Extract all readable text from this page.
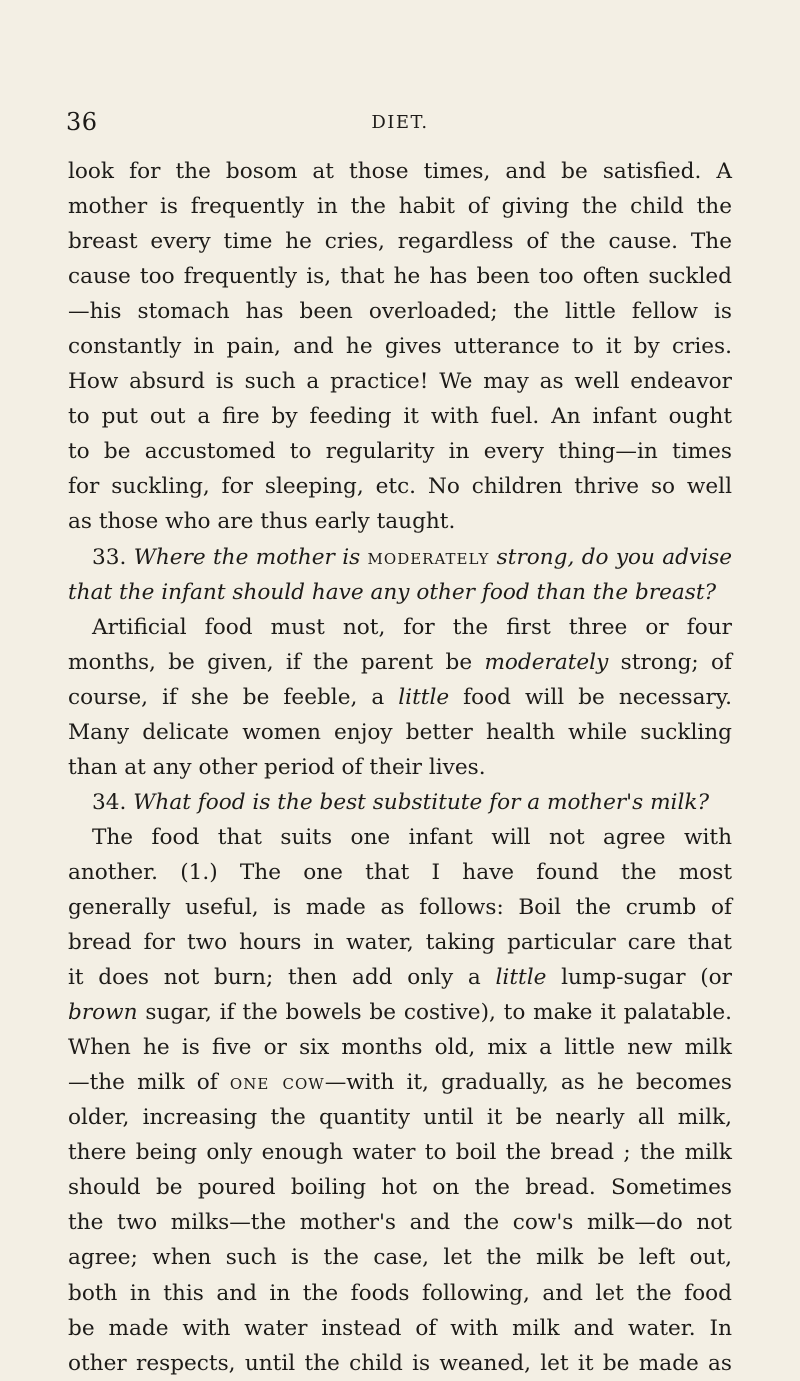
36	DIET.
look for the bosom at those times, and be satisfied. A
mother is frequently in the habit of giving the child the
breast every time he cries, regardless of the cause. The
cause too frequently is, that he has been too often suckled
—his stomach has been overloaded; the little fellow is
constantly in pain, and he gives utterance to it by cries.
How absurd is such a practice! We may as well endeavor
to put out a fire by feeding it with fuel. An infant ought
to be accustomed to regularity in every thing—in times
for suckling, for sleeping, etc. No children thrive so well
as those who are thus early taught.
33. Where the mother is moderately strong, do you advise
that the infant should have any other food than the breast?
Artificial food must not, for the first three or four
months, be given, if the parent be moderately strong; of
course, if she be feeble, a little food will be necessary.
Many delicate women enjoy better health while suckling
than at any other period of their lives.
34. What food is the best substitute for a mother's milk?
The food that suits one infant will not agree with
another. (1.) The one that I have found the most
generally useful, is made as follows: Boil the crumb of
bread for two hours in water, taking particular care that
it does not burn; then add only a little lump-sugar (or
brown sugar, if the bowels be costive), to make it palatable.
When he is five or six months old, mix a little new milk
—the milk of one cow—with it, gradually, as he becomes
older, increasing the quantity until it be nearly all milk,
there being only enough water to boil the bread ; the milk
should be poured boiling hot on the bread. Sometimes
the two milks—the mother's and the cow's milk—do not
agree; when such is the case, let the milk be left out,
both in this and in the foods following, and let the food
be made with water instead of with milk and water. In
other respects, until the child is weaned, let it be made as
